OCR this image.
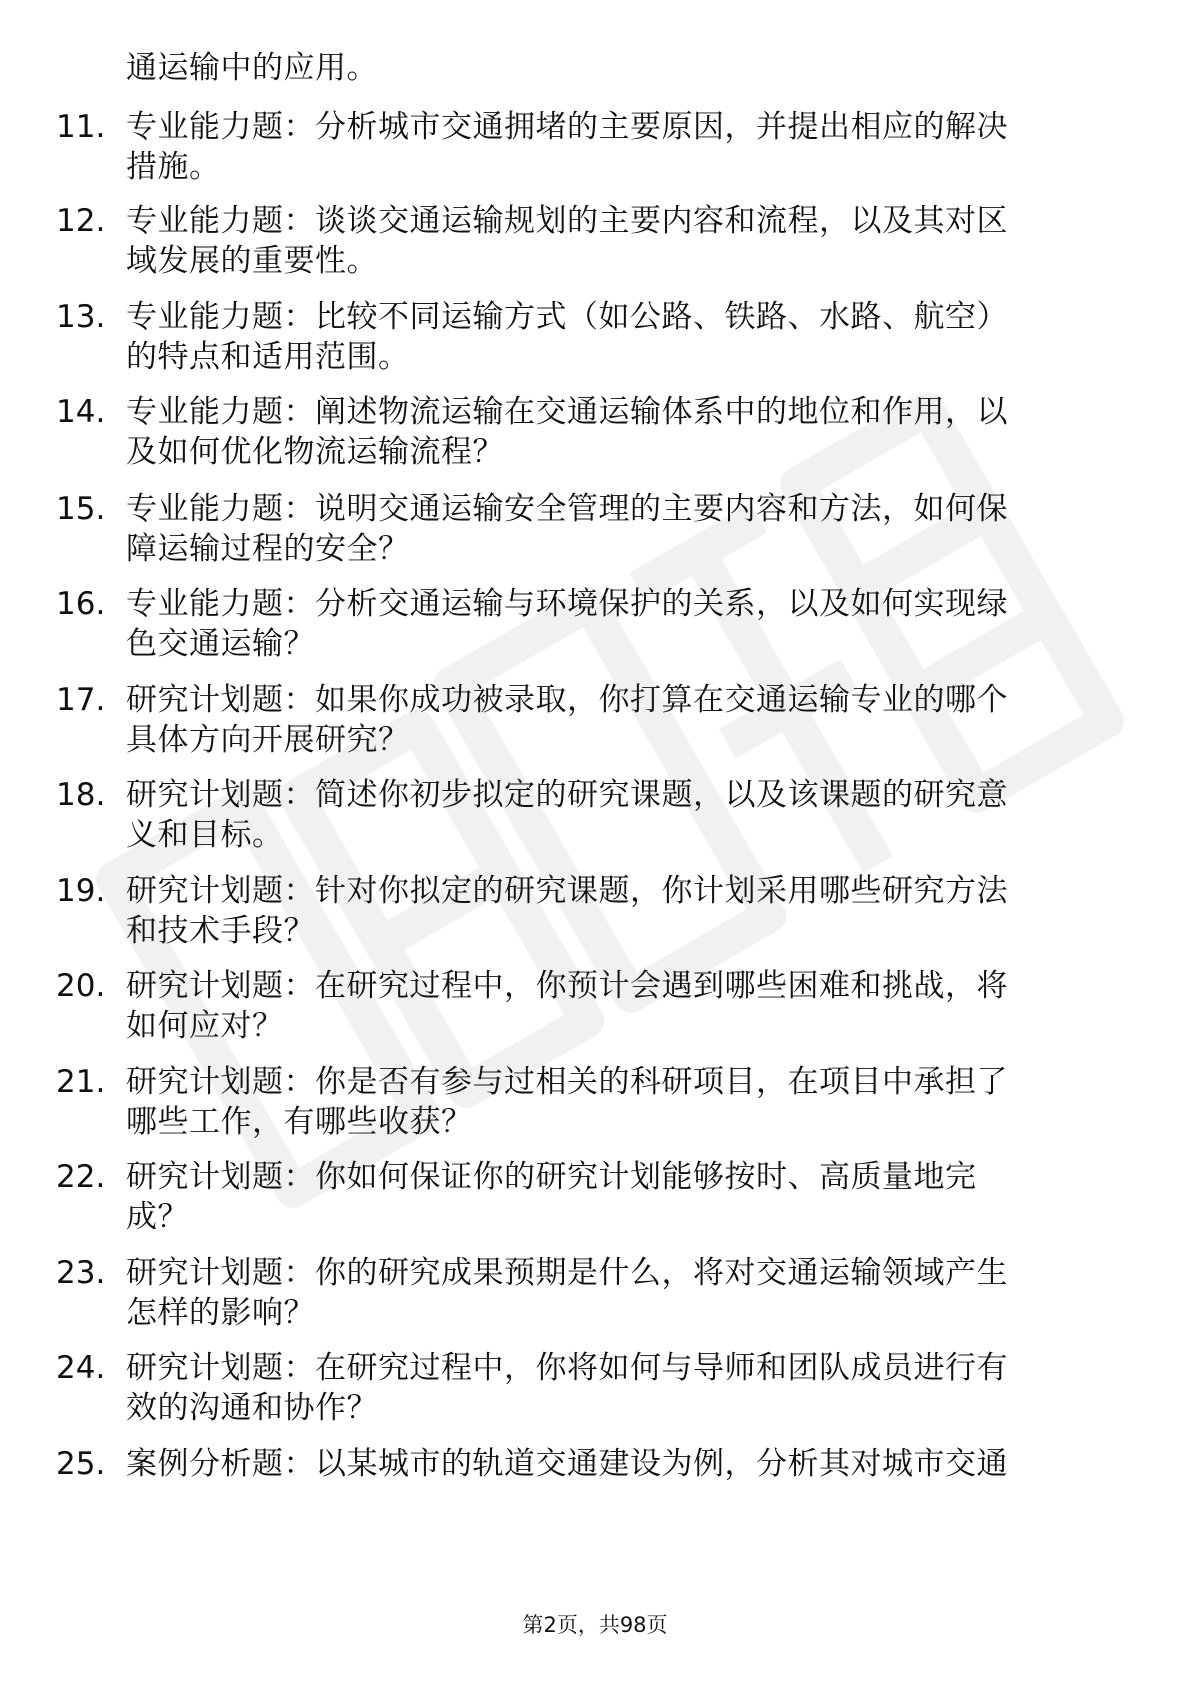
通运输中的应用。
11. 专业能力题：分析城市交通拥堵的主要原因，并提出相应的解决
措施。
12. 专业能力题：谈谈交通运输规划的主要内容和流程，以及其对区
域发展的重要性。
13. 专业能力题：比较不同运输方式（如公路、铁路、水路、航空）
的特点和适用范围。
14. 专业能力题：阐述物流运输在交通运输体系中的地位和作用，以
及如何优化物流运输流程？
15. 专业能力题：说明交通运输安全管理的主要内容和方法，如何保
障运输过程的安全？
16. 专业能力题：分析交通运输与环境保护的关系，以及如何实现绿
色交通运输？
17. 研究计划题：如果你成功被录取，你打算在交通运输专业的哪个
具体方向开展研究？
18. 研究计划题：简述你初步拟定的研究课题，以及该课题的研究意
义和目标。
19. 研究计划题：针对你拟定的研究课题，你计划采用哪些研究方法
和技术手段？
20. 研究计划题：在研究过程中，你预计会遇到哪些困难和挑战，将
如何应对？
21. 研究计划题：你是否有参与过相关的科研项目，在项目中承担了
哪些工作，有哪些收获？
22. 研究计划题：你如何保证你的研究计划能够按时、高质量地完
成？
23. 研究计划题：你的研究成果预期是什么，将对交通运输领域产生
怎样的影响？
24. 研究计划题：在研究过程中，你将如何与导师和团队成员进行有
效的沟通和协作？
25. 案例分析题：以某城市的轨道交通建设为例，分析其对城市交通
第2页，共98页
